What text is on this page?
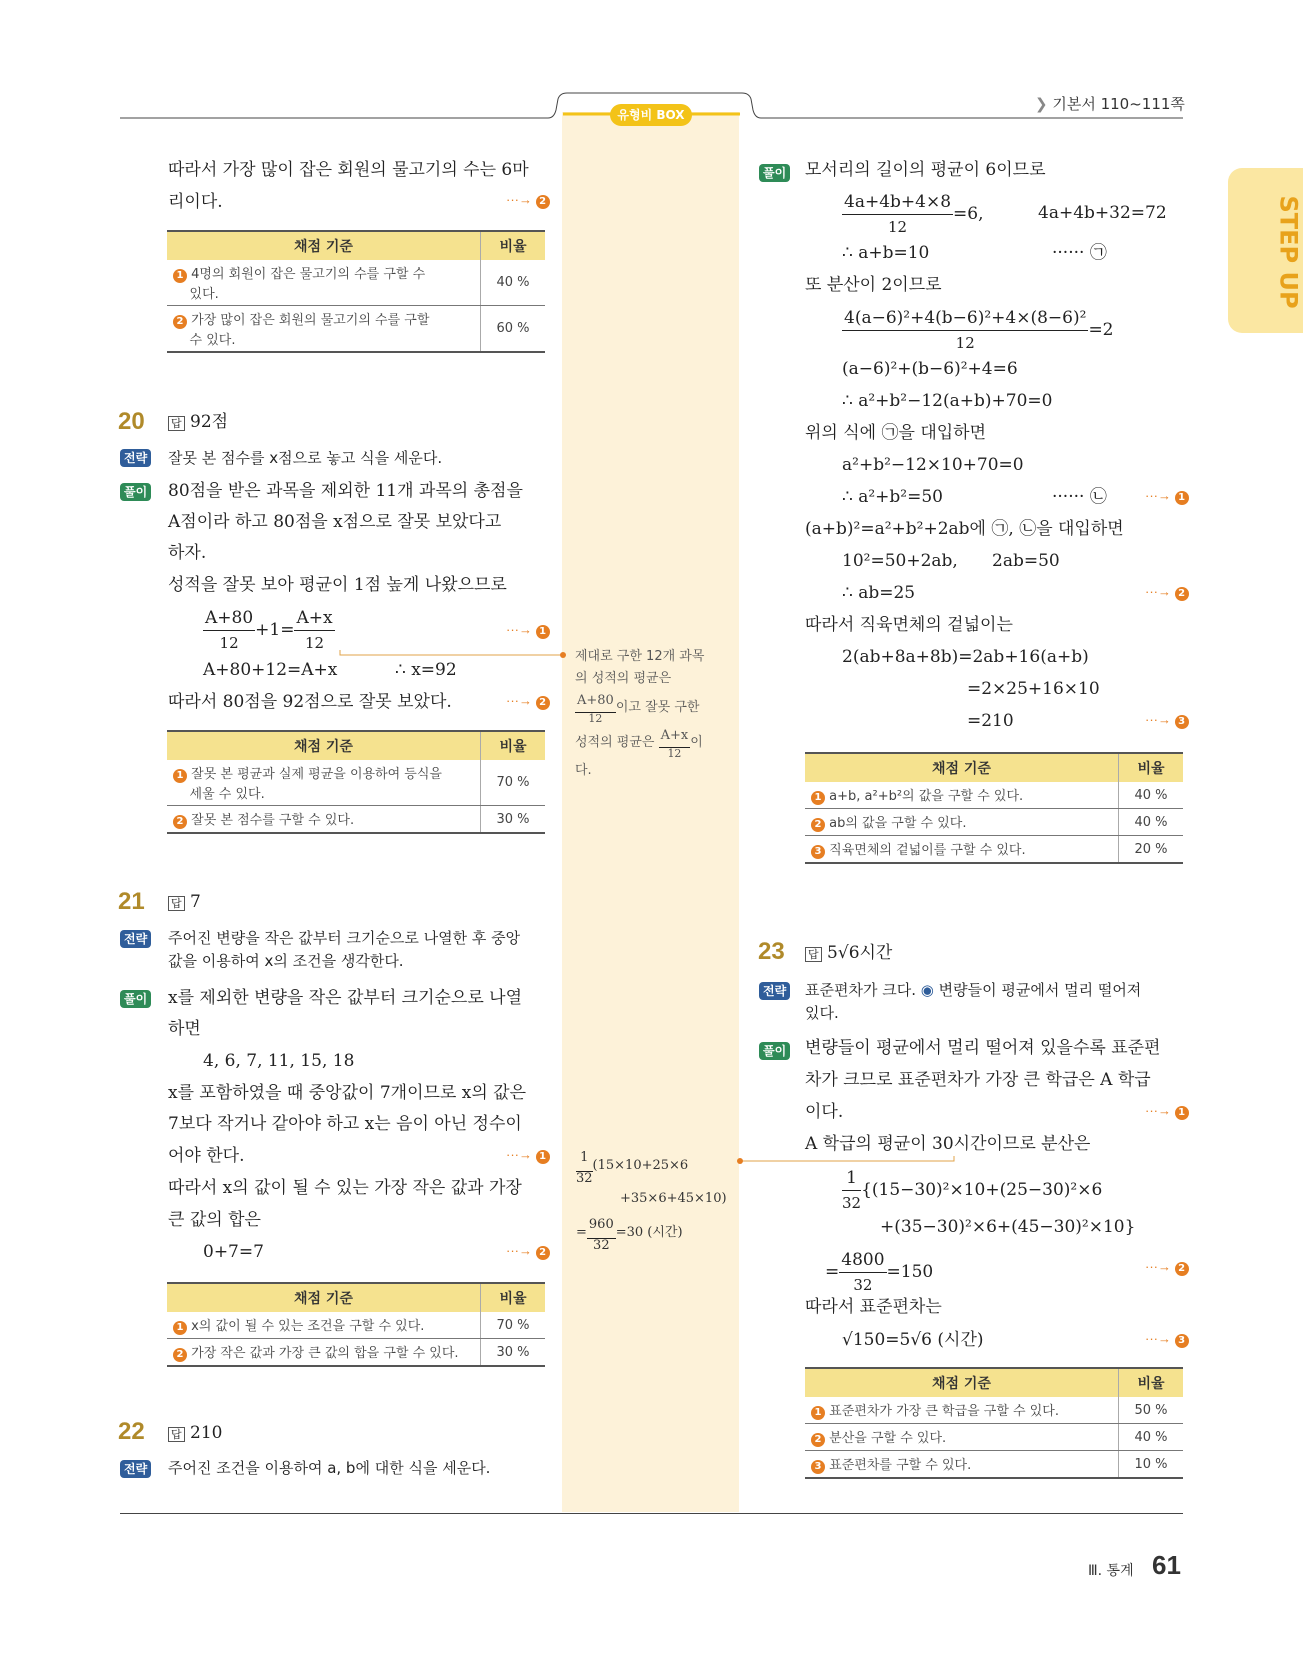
유형비 BOX
❯ 기본서 110~111쪽
STEP UP
따라서 가장 많이 잡은 회원의 물고기의 수는 6마
리이다.	···→ 2
채점 기준	비율
1 4명의 회원이 잡은 물고기의 수를 구할 수
있다.	40 %
2 가장 많이 잡은 회원의 물고기의 수를 구할
수 있다.	60 %
20 답 92점
전략 잘못 본 점수를 x점으로 놓고 식을 세운다.
풀이 80점을 받은 과목을 제외한 11개 과목의 총점을
A점이라 하고 80점을 x점으로 잘못 보았다고
하자.
성적을 잘못 보아 평균이 1점 높게 나왔으므로
$\frac{A+80}{12} +1= \frac{A+x}{12}$	···→ 1
A+80+12=A+x	∴ x=92
따라서 80점을 92점으로 잘못 보았다.	···→ 2
채점 기준	비율
1 잘못 본 평균과 실제 평균을 이용하여 등식을
세울 수 있다.	70 %
2 잘못 본 점수를 구할 수 있다.	30 %
21 답 7
전략 주어진 변량을 작은 값부터 크기순으로 나열한 후 중앙
값을 이용하여 x의 조건을 생각한다.
풀이 x를 제외한 변량을 작은 값부터 크기순으로 나열
하면
4, 6, 7, 11, 15, 18
x를 포함하였을 때 중앙값이 7개이므로 x의 값은
7보다 작거나 같아야 하고 x는 음이 아닌 정수이
어야 한다.	···→ 1
따라서 x의 값이 될 수 있는 가장 작은 값과 가장
큰 값의 합은
0+7=7	···→ 2
채점 기준	비율
1 x의 값이 될 수 있는 조건을 구할 수 있다.	70 %
2 가장 작은 값과 가장 큰 값의 합을 구할 수 있다.	30 %
22 답 210
전략 주어진 조건을 이용하여 a, b에 대한 식을 세운다.
제대로 구한 12개 과목
의 성적의 평균은
$\frac{A+80}{12}$ 이고 잘못 구한
성적의 평균은 $\frac{A+x}{12}$ 이
다.
$\frac{1}{32} (15\times 10+25\times 6$
+35×6+45×10)
= $\frac{960}{32} =30$ (시간)
풀이 모서리의 길이의 평균이 6이므로
$\frac{4a+4b+4\times 8}{12} =6$,	4a+4b+32=72
∴ a+b=10	······ ㉠
또 분산이 2이므로
$\frac{\text{4(a−6)²+4(b−6)²+4×(8−6)²}}{12} =2$
(a−6)²+(b−6)²+4=6
∴ a²+b²−12(a+b)+70=0
위의 식에 ㉠을 대입하면
a²+b²−12×10+70=0
∴ a²+b²=50	······ ㉡	···→ 1
(a+b)²=a²+b²+2ab에 ㉠, ㉡을 대입하면
10²=50+2ab, 2ab=50
∴ ab=25	···→ 2
따라서 직육면체의 겉넓이는
2(ab+8a+8b)=2ab+16(a+b)
=2×25+16×10
=210	···→ 3
채점 기준	비율
1 a+b, a²+b²의 값을 구할 수 있다.	40 %
2 ab의 값을 구할 수 있다.	40 %
3 직육면체의 겉넓이를 구할 수 있다.	20 %
23 답 5√6시간
전략 표준편차가 크다. ◉ 변량들이 평균에서 멀리 떨어져
있다.
풀이 변량들이 평균에서 멀리 떨어져 있을수록 표준편
차가 크므로 표준편차가 가장 큰 학급은 A 학급
이다.	···→ 1
A 학급의 평균이 30시간이므로 분산은
$\frac{1}{32} \{(15-30)^2\times 10+(25-30)^2\times 6$
+(35−30)²×6+(45−30)²×10}
= $\frac{4800}{32} =150$	···→ 2
따라서 표준편차는
√150=5√6 (시간)	···→ 3
채점 기준	비율
1 표준편차가 가장 큰 학급을 구할 수 있다.	50 %
2 분산을 구할 수 있다.	40 %
3 표준편차를 구할 수 있다.	10 %
Ⅲ. 통계 61
